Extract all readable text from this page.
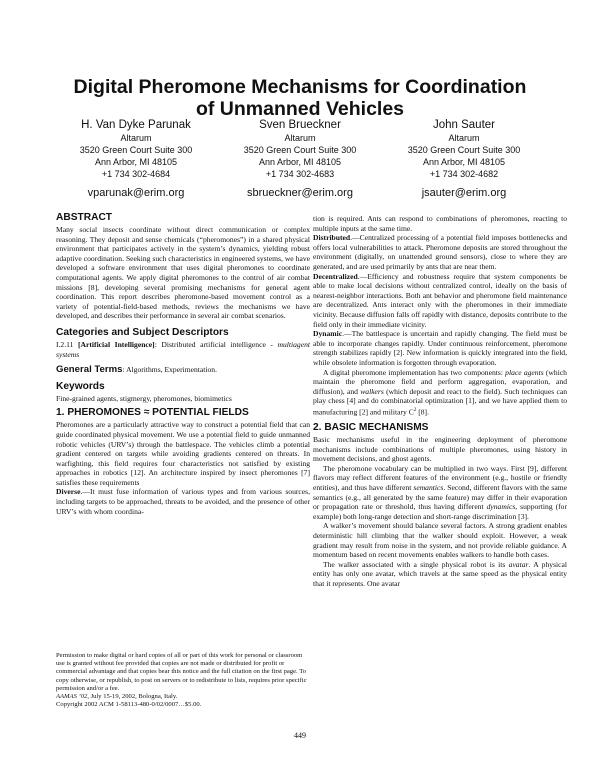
Digital Pheromone Mechanisms for Coordination
of Unmanned Vehicles
H. Van Dyke Parunak
Altarum
3520 Green Court Suite 300
Ann Arbor, MI 48105
+1 734 302-4684
vparunak@erim.org
Sven Brueckner
Altarum
3520 Green Court Suite 300
Ann Arbor, MI 48105
+1 734 302-4683
sbrueckner@erim.org
John Sauter
Altarum
3520 Green Court Suite 300
Ann Arbor, MI 48105
+1 734 302-4682
jsauter@erim.org
ABSTRACT

Many social insects coordinate without direct communication or complex reasoning. They deposit and sense chemicals (“pheromones”) in a shared physical environment that participates actively in the system’s dynamics, yielding robust adaptive coordination. Seeking such characteristics in engineered systems, we have developed a software environment that uses digital pheromones to coordinate computational agents. We apply digital pheromones to the control of air combat missions [8], developing several promising mechanisms for general agent coordination. This report describes pheromone-based movement control as a variety of potential-field-based methods, reviews the mechanisms we have developed, and describes their performance in several air combat scenarios.

Categories and Subject Descriptors

I.2.11 [Artificial Intelligence]: Distributed artificial intelligence - multiagent systems

General Terms: Algorithms, Experimentation.

Keywords

Fine-grained agents, stigmergy, pheromones, biomimetics

1. PHEROMONES ≈ POTENTIAL FIELDS

Pheromones are a particularly attractive way to construct a potential field that can guide coordinated physical movement. We use a potential field to guide unmanned robotic vehicles (URV’s) through the battlespace. The vehicles climb a potential gradient centered on targets while avoiding gradients centered on threats. In warfighting, this field requires four characteristics not satisfied by existing approaches in robotics [12]. An architecture inspired by insect pheromones [7] satisfies these requirements

Diverse.—It must fuse information of various types and from various sources, including targets to be approached, threats to be avoided, and the presence of other URV’s with whom coordina-

Permission to make digital or hard copies of all or part of this work for personal or classroom use is granted without fee provided that copies are not made or distributed for profit or commercial advantage and that copies bear this notice and the full citation on the first page. To copy otherwise, or republish, to post on servers or to redistribute to lists, requires prior specific permission and/or a fee.

AAMAS ’02, July 15-19, 2002, Bologna, Italy.

Copyright 2002 ACM 1-58113-480-0/02/0007…$5.00.

tion is required. Ants can respond to combinations of pheromones, reacting to multiple inputs at the same time.

Distributed.—Centralized processing of a potential field imposes bottlenecks and offers local vulnerabilities to attack. Pheromone deposits are stored throughout the environment (digitally, on unattended ground sensors), close to where they are generated, and are used primarily by ants that are near them.

Decentralized.—Efficiency and robustness require that system components be able to make local decisions without centralized control, ideally on the basis of nearest-neighbor interactions. Both ant behavior and pheromone field maintenance are decentralized. Ants interact only with the pheromones in their immediate vicinity. Because diffusion falls off rapidly with distance, deposits contribute to the field only in their immediate vicinity.

Dynamic.—The battlespace is uncertain and rapidly changing. The field must be able to incorporate changes rapidly. Under continuous reinforcement, pheromone strength stabilizes rapidly [2]. New information is quickly integrated into the field, while obsolete information is forgotten through evaporation.

A digital pheromone implementation has two components: place agents (which maintain the pheromone field and perform aggregation, evaporation, and diffusion), and walkers (which deposit and react to the field). Such techniques can play chess [4] and do combinatorial optimization [1], and we have applied them to manufacturing [2] and military $C^2$ [8].

2. BASIC MECHANISMS

Basic mechanisms useful in the engineering deployment of pheromone mechanisms include combinations of multiple pheromones, using history in movement decisions, and ghost agents.

The pheromone vocabulary can be multiplied in two ways. First [9], different flavors may reflect different features of the environment (e.g., hostile or friendly entities), and thus have different semantics. Second, different flavors with the same semantics (e.g., all generated by the same feature) may differ in their evaporation or propagation rate or threshold, thus having different dynamics, supporting (for example) both long-range detection and short-range discrimination [3].

A walker’s movement should balance several factors. A strong gradient enables deterministic hill climbing that the walker should exploit. However, a weak gradient may result from noise in the system, and not provide reliable guidance. A momentum based on recent movements enables walkers to handle both cases.

The walker associated with a single physical robot is its avatar. A physical entity has only one avatar, which travels at the same speed as the physical entity that it represents. One avatar

449
